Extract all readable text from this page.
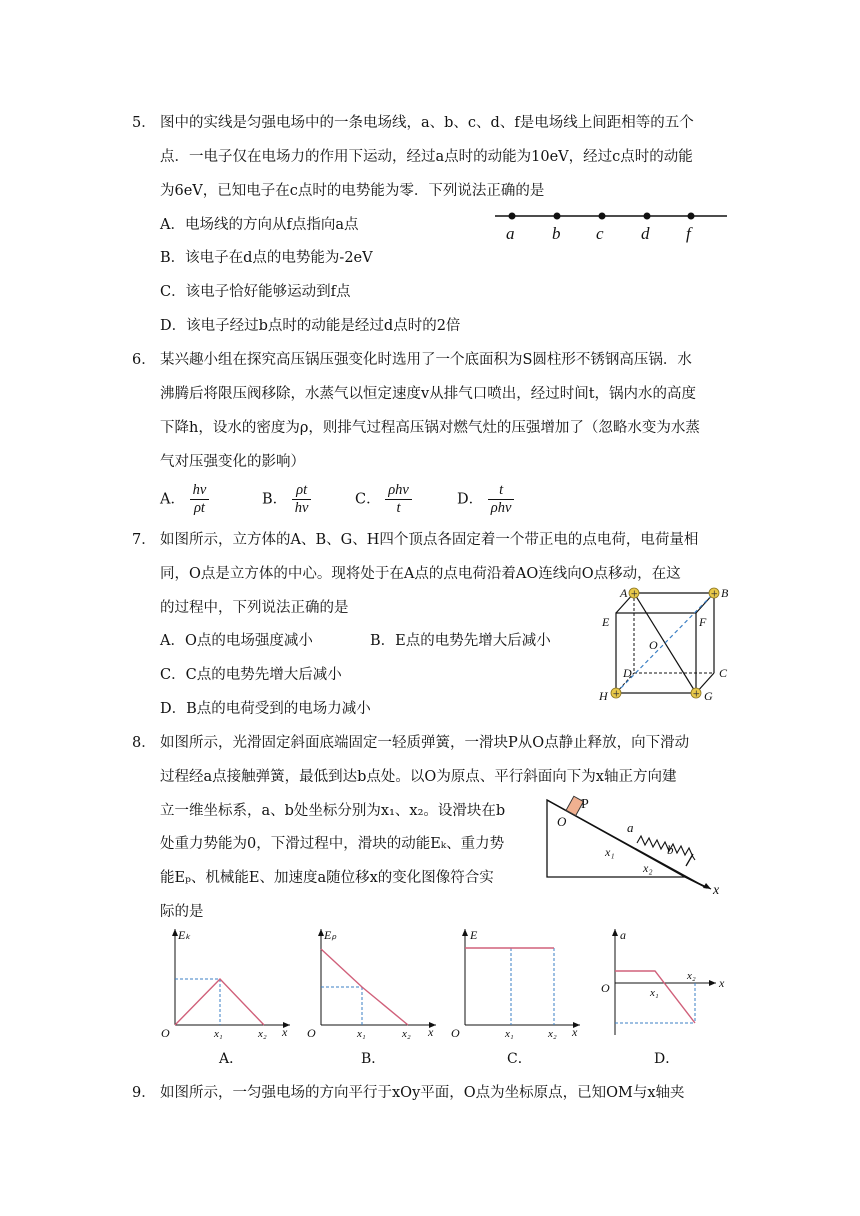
5． 图中的实线是匀强电场中的一条电场线，a、b、c、d、f是电场线上间距相等的五个
点．一电子仅在电场力的作用下运动，经过a点时的动能为10eV，经过c点时的动能
为6eV，已知电子在c点时的电势能为零．下列说法正确的是
A．电场线的方向从f点指向a点
B．该电子在d点的电势能为-2eV
C．该电子恰好能够运动到f点
D．该电子经过b点时的动能是经过d点时的2倍
a b c d f
6． 某兴趣小组在探究高压锅压强变化时选用了一个底面积为S圆柱形不锈钢高压锅．水
沸腾后将限压阀移除，水蒸气以恒定速度v从排气口喷出，经过时间t，锅内水的高度
下降h，设水的密度为ρ，则排气过程高压锅对燃气灶的压强增加了（忽略水变为水蒸
气对压强变化的影响）
A． $\frac{hv}{\rho t}$	B． $\frac{\rho t}{hv}$	C． $\frac{\text{ρhv}}{t}$	D． $\frac{t}{\text{ρhv}}$
7． 如图所示，立方体的A、B、G、H四个顶点各固定着一个带正电的点电荷，电荷量相
同，O点是立方体的中心。现将处于在A点的点电荷沿着AO连线向O点移动，在这
的过程中，下列说法正确的是
A．O点的电场强度减小	B．E点的电势先增大后减小
C．C点的电势先增大后减小
D．B点的电荷受到的电场力减小
+	+
+	+
A	B
E	F
O
D	C
H	G
8． 如图所示，光滑固定斜面底端固定一轻质弹簧，一滑块P从O点静止释放，向下滑动
过程经a点接触弹簧，最低到达b点处。以O为原点、平行斜面向下为x轴正方向建
立一维坐标系，a、b处坐标分别为x₁、x₂。设滑块在b
处重力势能为0，下滑过程中，滑块的动能Eₖ、重力势
能Eₚ、机械能E、加速度a随位移x的变化图像符合实
际的是
P
O	a
b
x₁
x₂
x
Eₖ
O	x₁	x₂ x
A．
Eₚ
O	x₁	x₂ x
B．
E
O	x₁	x₂ x
C．
a
O	x₁
x₂ x
D．
9． 如图所示，一匀强电场的方向平行于xOy平面，O点为坐标原点，已知OM与x轴夹
